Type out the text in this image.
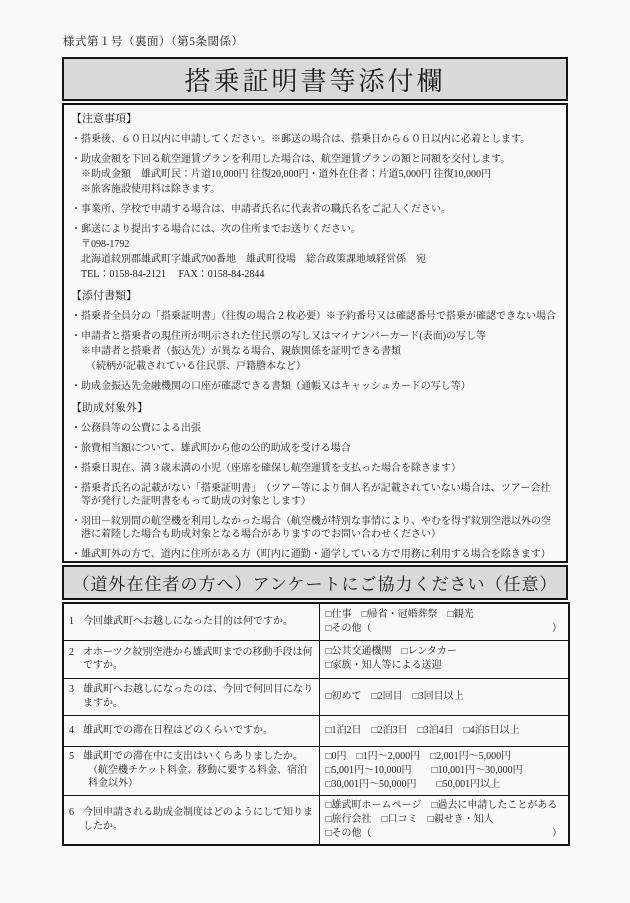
様式第１号（裏面）（第5条関係）
搭乗証明書等添付欄
【注意事項】
・搭乗後、６０日以内に申請してください。※郵送の場合は、搭乗日から６０日以内に必着とします。
・助成金額を下回る航空運賃プランを利用した場合は、航空運賃プランの額と同額を交付します。
※助成金額　雄武町民：片道10,000円 往復20,000円・道外在住者：片道5,000円 往復10,000円
※旅客施設使用料は除きます。
・事業所、学校で申請する場合は、申請者氏名に代表者の職氏名をご記入ください。
・郵送により提出する場合には、次の住所までお送りください。
〒098-1792
北海道紋別郡雄武町字雄武700番地　雄武町役場　総合政策課地域経営係　宛
TEL：0158-84-2121　 FAX：0158-84-2844
【添付書類】
・搭乗者全員分の「搭乗証明書」（往復の場合２枚必要）※予約番号又は確認番号で搭乗が確認できない場合
・申請者と搭乗者の現住所が明示された住民票の写し又はマイナンバーカード(表面)の写し等
※申請者と搭乗者（振込先）が異なる場合、親族関係を証明できる書類
　（続柄が記載されている住民票、戸籍謄本など）
・助成金振込先金融機関の口座が確認できる書類（通帳又はキャッシュカードの写し等）
【助成対象外】
・公務員等の公費による出張
・旅費相当額について、雄武町から他の公的助成を受ける場合
・搭乗日現在、満３歳未満の小児（座席を確保し航空運賃を支払った場合を除きます）
・搭乗者氏名の記載がない「搭乗証明書」　（ツアー等により個人名が記載されていない場合は、ツアー会社等が発行した証明書をもって助成の対象とします）
・羽田－紋別間の航空機を利用しなかった場合（航空機が特別な事情により、やむを得ず紋別空港以外の空港に着陸した場合も助成対象となる場合がありますのでお問い合わせください）
・雄武町外の方で、道内に住所がある方（町内に通勤・通学している方で用務に利用する場合を除きます）
（道外在住者の方へ）アンケートにご協力ください（任意）
1 今回雄武町へお越しになった目的は何ですか。

□仕事　□帰省・冠婚葬祭　□観光
□その他（	）

2 オホーツク紋別空港から雄武町までの移動手段は何ですか。

□公共交通機関　□レンタカー
□家族・知人等による送迎

3 雄武町へお越しになったのは、今回で何回目になりますか。	□初めて　□2回目　□3回目以上

4 雄武町での滞在日程はどのくらいですか。	□1泊2日　□2泊3日　□3泊4日　□4泊5日以上

5 雄武町での滞在中に支出はいくらありましたか。
（航空機チケット料金、移動に要する料金、宿泊料金以外）

□0円　□1円～2,000円　□2,001円～5,000円
□5,001円～10,000円　　□10,001円～30,000円
□30,001円～50,000円　　□50,001円以上

6 今回申請される助成金制度はどのようにして知りましたか。

□雄武町ホームページ　□過去に申請したことがある
□旅行会社　□口コミ　□親せき・知人
□その他（	）
